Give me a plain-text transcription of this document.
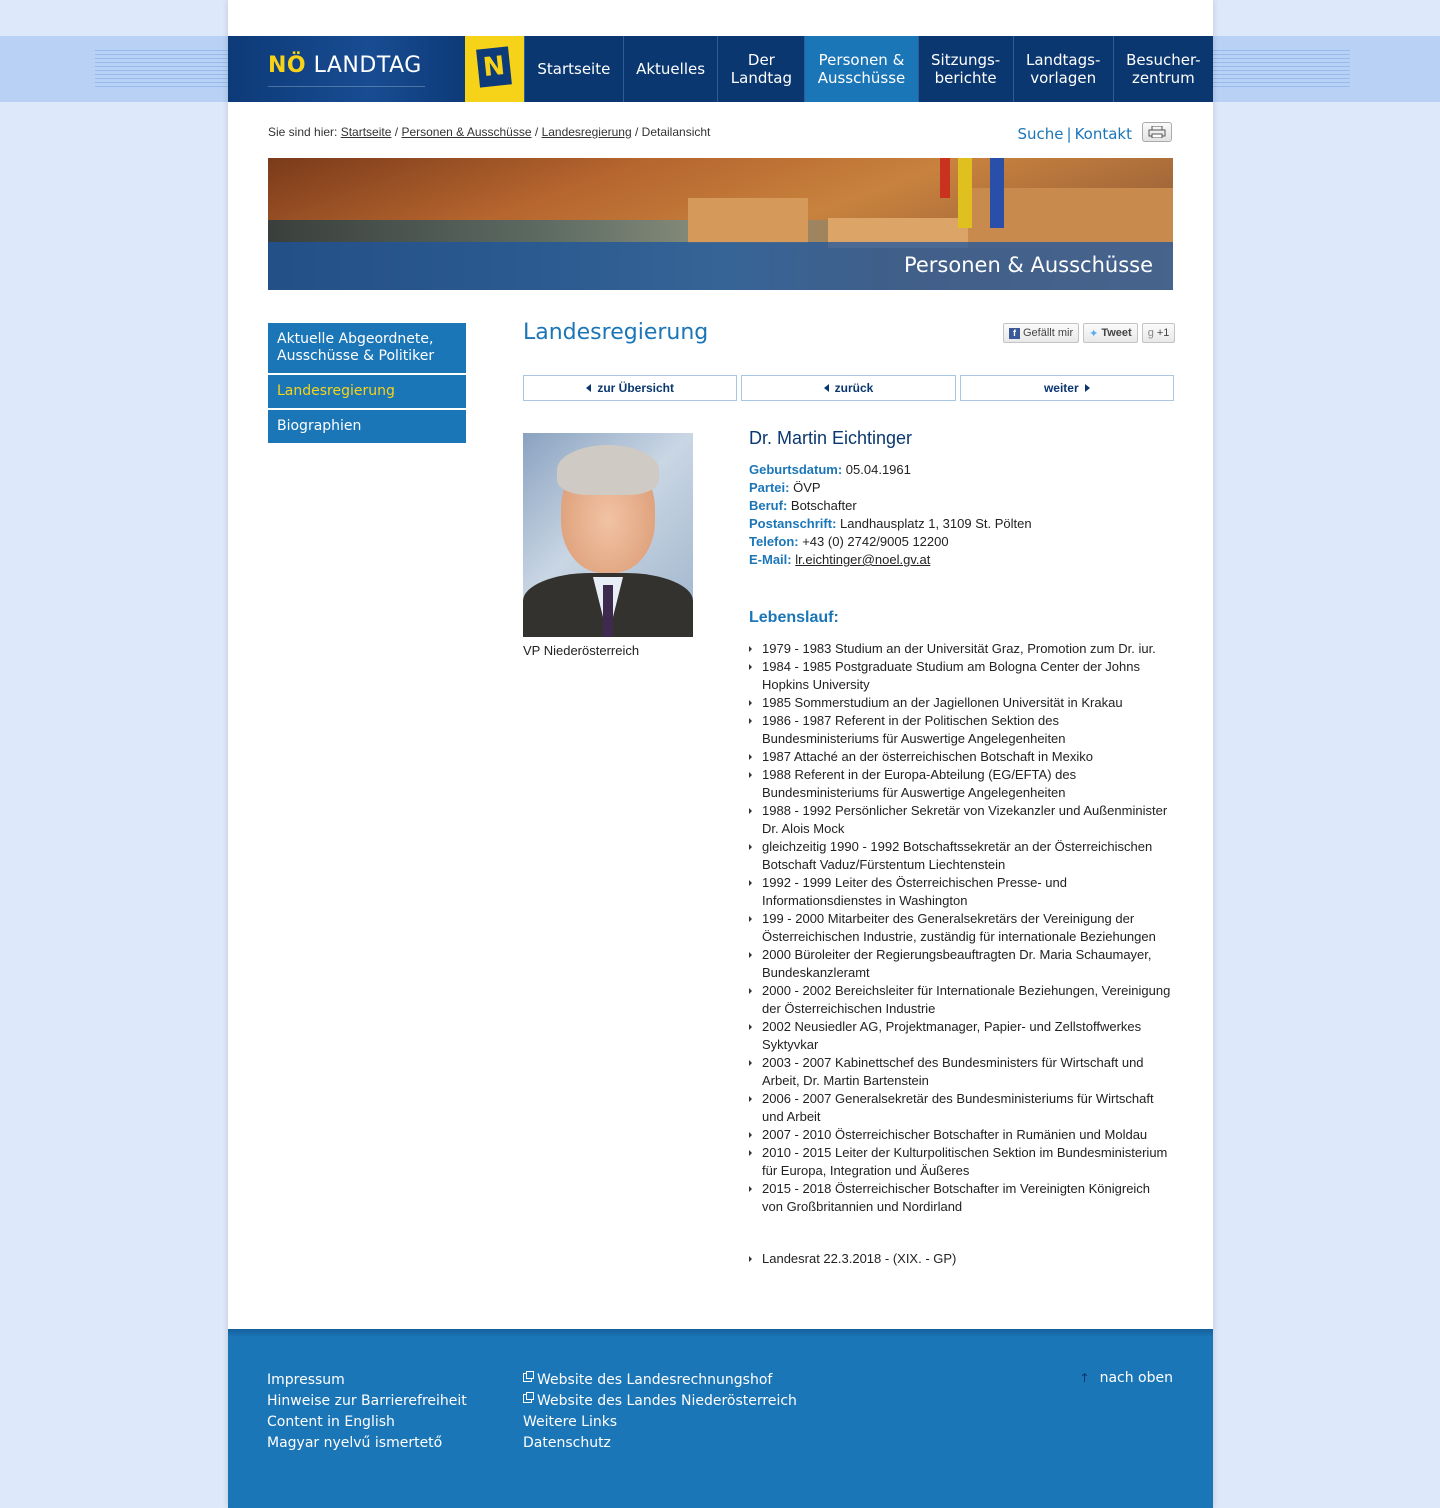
NÖ LANDTAG N	Startseite Aktuelles	Der
Landtag
Personen &
Ausschüsse
Sitzungs-
berichte
Landtags-
vorlagen
Besucher-
zentrum
Sie sind hier: Startseite / Personen & Ausschüsse / Landesregierung / Detailansicht	Suche | Kontakt
Personen & Ausschüsse
Aktuelle Abgeordnete, Ausschüsse & Politiker
Landesregierung
Biographien
Landesregierung	f Gefällt mir ✦ Tweet g +1
zur Übersicht	zurück	weiter
VP Niederösterreich
Dr. Martin Eichtinger
Geburtsdatum: 05.04.1961
Partei: ÖVP
Beruf: Botschafter
Postanschrift: Landhausplatz 1, 3109 St. Pölten
Telefon: +43 (0) 2742/9005 12200
E-Mail: lr.eichtinger@noel.gv.at
Lebenslauf:
1979 - 1983 Studium an der Universität Graz, Promotion zum Dr. iur.
1984 - 1985 Postgraduate Studium am Bologna Center der Johns Hopkins University
1985 Sommerstudium an der Jagiellonen Universität in Krakau
1986 - 1987 Referent in der Politischen Sektion des Bundesministeriums für Auswertige Angelegenheiten
1987 Attaché an der österreichischen Botschaft in Mexiko
1988 Referent in der Europa-Abteilung (EG/EFTA) des Bundesministeriums für Auswertige Angelegenheiten
1988 - 1992 Persönlicher Sekretär von Vizekanzler und Außenminister Dr. Alois Mock
gleichzeitig 1990 - 1992 Botschaftssekretär an der Österreichischen Botschaft Vaduz/Fürstentum Liechtenstein
1992 - 1999 Leiter des Österreichischen Presse- und Informationsdienstes in Washington
199 - 2000 Mitarbeiter des Generalsekretärs der Vereinigung der Österreichischen Industrie, zuständig für internationale Beziehungen
2000 Büroleiter der Regierungsbeauftragten Dr. Maria Schaumayer, Bundeskanzleramt
2000 - 2002 Bereichsleiter für Internationale Beziehungen, Vereinigung der Österreichischen Industrie
2002 Neusiedler AG, Projektmanager, Papier- und Zellstoffwerkes Syktyvkar
2003 - 2007 Kabinettschef des Bundesministers für Wirtschaft und Arbeit, Dr. Martin Bartenstein
2006 - 2007 Generalsekretär des Bundesministeriums für Wirtschaft und Arbeit
2007 - 2010 Österreichischer Botschafter in Rumänien und Moldau
2010 - 2015 Leiter der Kulturpolitischen Sektion im Bundesministerium für Europa, Integration und Äußeres
2015 - 2018 Österreichischer Botschafter im Vereinigten Königreich von Großbritannien und Nordirland
Landesrat 22.3.2018 - (XIX. - GP)
Impressum
Hinweise zur Barrierefreiheit
Content in English
Magyar nyelvű ismertető
Website des Landesrechnungshof
Website des Landes Niederösterreich
Weitere Links
Datenschutz
↑ nach oben
